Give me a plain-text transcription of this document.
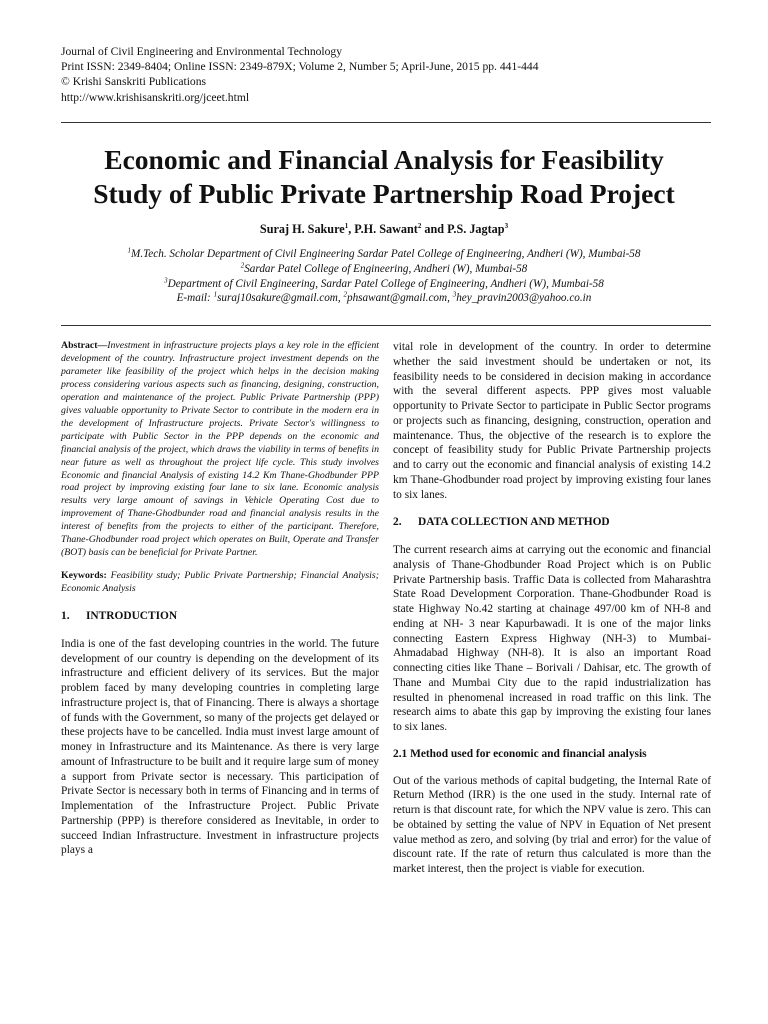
Journal of Civil Engineering and Environmental Technology
Print ISSN: 2349-8404; Online ISSN: 2349-879X; Volume 2, Number 5; April-June, 2015 pp. 441-444
© Krishi Sanskriti Publications
http://www.krishisanskriti.org/jceet.html
Economic and Financial Analysis for Feasibility
Study of Public Private Partnership Road Project
Suraj H. Sakure$^1$, P.H. Sawant$^2$ and P.S. Jagtap$^3$
$^1$M.Tech. Scholar Department of Civil Engineering Sardar Patel College of Engineering, Andheri (W), Mumbai-58
$^2$Sardar Patel College of Engineering, Andheri (W), Mumbai-58
$^3$Department of Civil Engineering, Sardar Patel College of Engineering, Andheri (W), Mumbai-58
E-mail: $^1$suraj10sakure@gmail.com, $^2$phsawant@gmail.com, $^3$hey_pravin2003@yahoo.co.in

Abstract—Investment in infrastructure projects plays a key role in the efficient development of the country. Infrastructure project investment depends on the parameter like feasibility of the project which helps in the decision making process considering various aspects such as financing, designing, construction, operation and maintenance of the project. Public Private Partnership (PPP) gives valuable opportunity to Private Sector to contribute in the modern era in the development of Infrastructure projects. Private Sector's willingness to participate with Public Sector in the PPP depends on the economic and financial analysis of the project, which draws the viability in terms of benefits in near future as well as throughout the project life cycle. This study involves Economic and financial Analysis of existing 14.2 Km Thane-Ghodbunder PPP road project by improving existing four lane to six lane. Economic analysis results very large amount of savings in Vehicle Operating Cost due to improvement of Thane-Ghodbunder road and financial analysis results in the interest of benefits from the projects to either of the participant. Therefore, Thane-Ghodbunder road project which operates on Built, Operate and Transfer (BOT) basis can be beneficial for Private Partner.

Keywords: Feasibility study; Public Private Partnership; Financial Analysis; Economic Analysis

1.	INTRODUCTION

India is one of the fast developing countries in the world. The future development of our country is depending on the development of its infrastructure and efficient delivery of its services. But the major problem faced by many developing countries in completing large infrastructure project is, that of Financing. There is always a shortage of funds with the Government, so many of the projects get delayed or these projects have to be cancelled. India must invest large amount of money in Infrastructure and its Maintenance. As there is very large amount of Infrastructure to be built and it require large sum of money a support from Private sector is necessary. This participation of Private Sector is necessary both in terms of Financing and in terms of Implementation of the Infrastructure Project. Public Private Partnership (PPP) is therefore considered as Inevitable, in order to succeed Indian Infrastructure. Investment in infrastructure projects plays a

vital role in development of the country. In order to determine whether the said investment should be undertaken or not, its feasibility needs to be considered in decision making in accordance with the several different aspects. PPP gives most valuable opportunity to Private Sector to participate in Public Sector programs or projects such as financing, designing, construction, operation and maintenance. Thus, the objective of the research is to explore the concept of feasibility study for Public Private Partnership projects and to carry out the economic and financial analysis of existing 14.2 km Thane-Ghodbunder road project by improving existing four lanes to six lanes.

2.	DATA COLLECTION AND METHOD

The current research aims at carrying out the economic and financial analysis of Thane-Ghodbunder Road Project which is on Public Private Partnership basis. Traffic Data is collected from Maharashtra State Road Development Corporation. Thane-Ghodbunder Road is state Highway No.42 starting at chainage 497/00 km of NH-8 and ending at NH- 3 near Kapurbawadi. It is one of the major links connecting Eastern Express Highway (NH-3) to Mumbai- Ahmadabad Highway (NH-8). It is also an important Road connecting cities like Thane – Borivali / Dahisar, etc. The growth of Thane and Mumbai City due to the rapid industrialization has resulted in phenomenal increased in road traffic on this link. The research aims to abate this gap by improving the existing four lanes to six lanes.

2.1 Method used for economic and financial analysis

Out of the various methods of capital budgeting, the Internal Rate of Return Method (IRR) is the one used in the study. Internal rate of return is that discount rate, for which the NPV value is zero. This can be obtained by setting the value of NPV in Equation of Net present value method as zero, and solving (by trial and error) for the value of discount rate. If the rate of return thus calculated is more than the market interest, then the project is viable for execution.
